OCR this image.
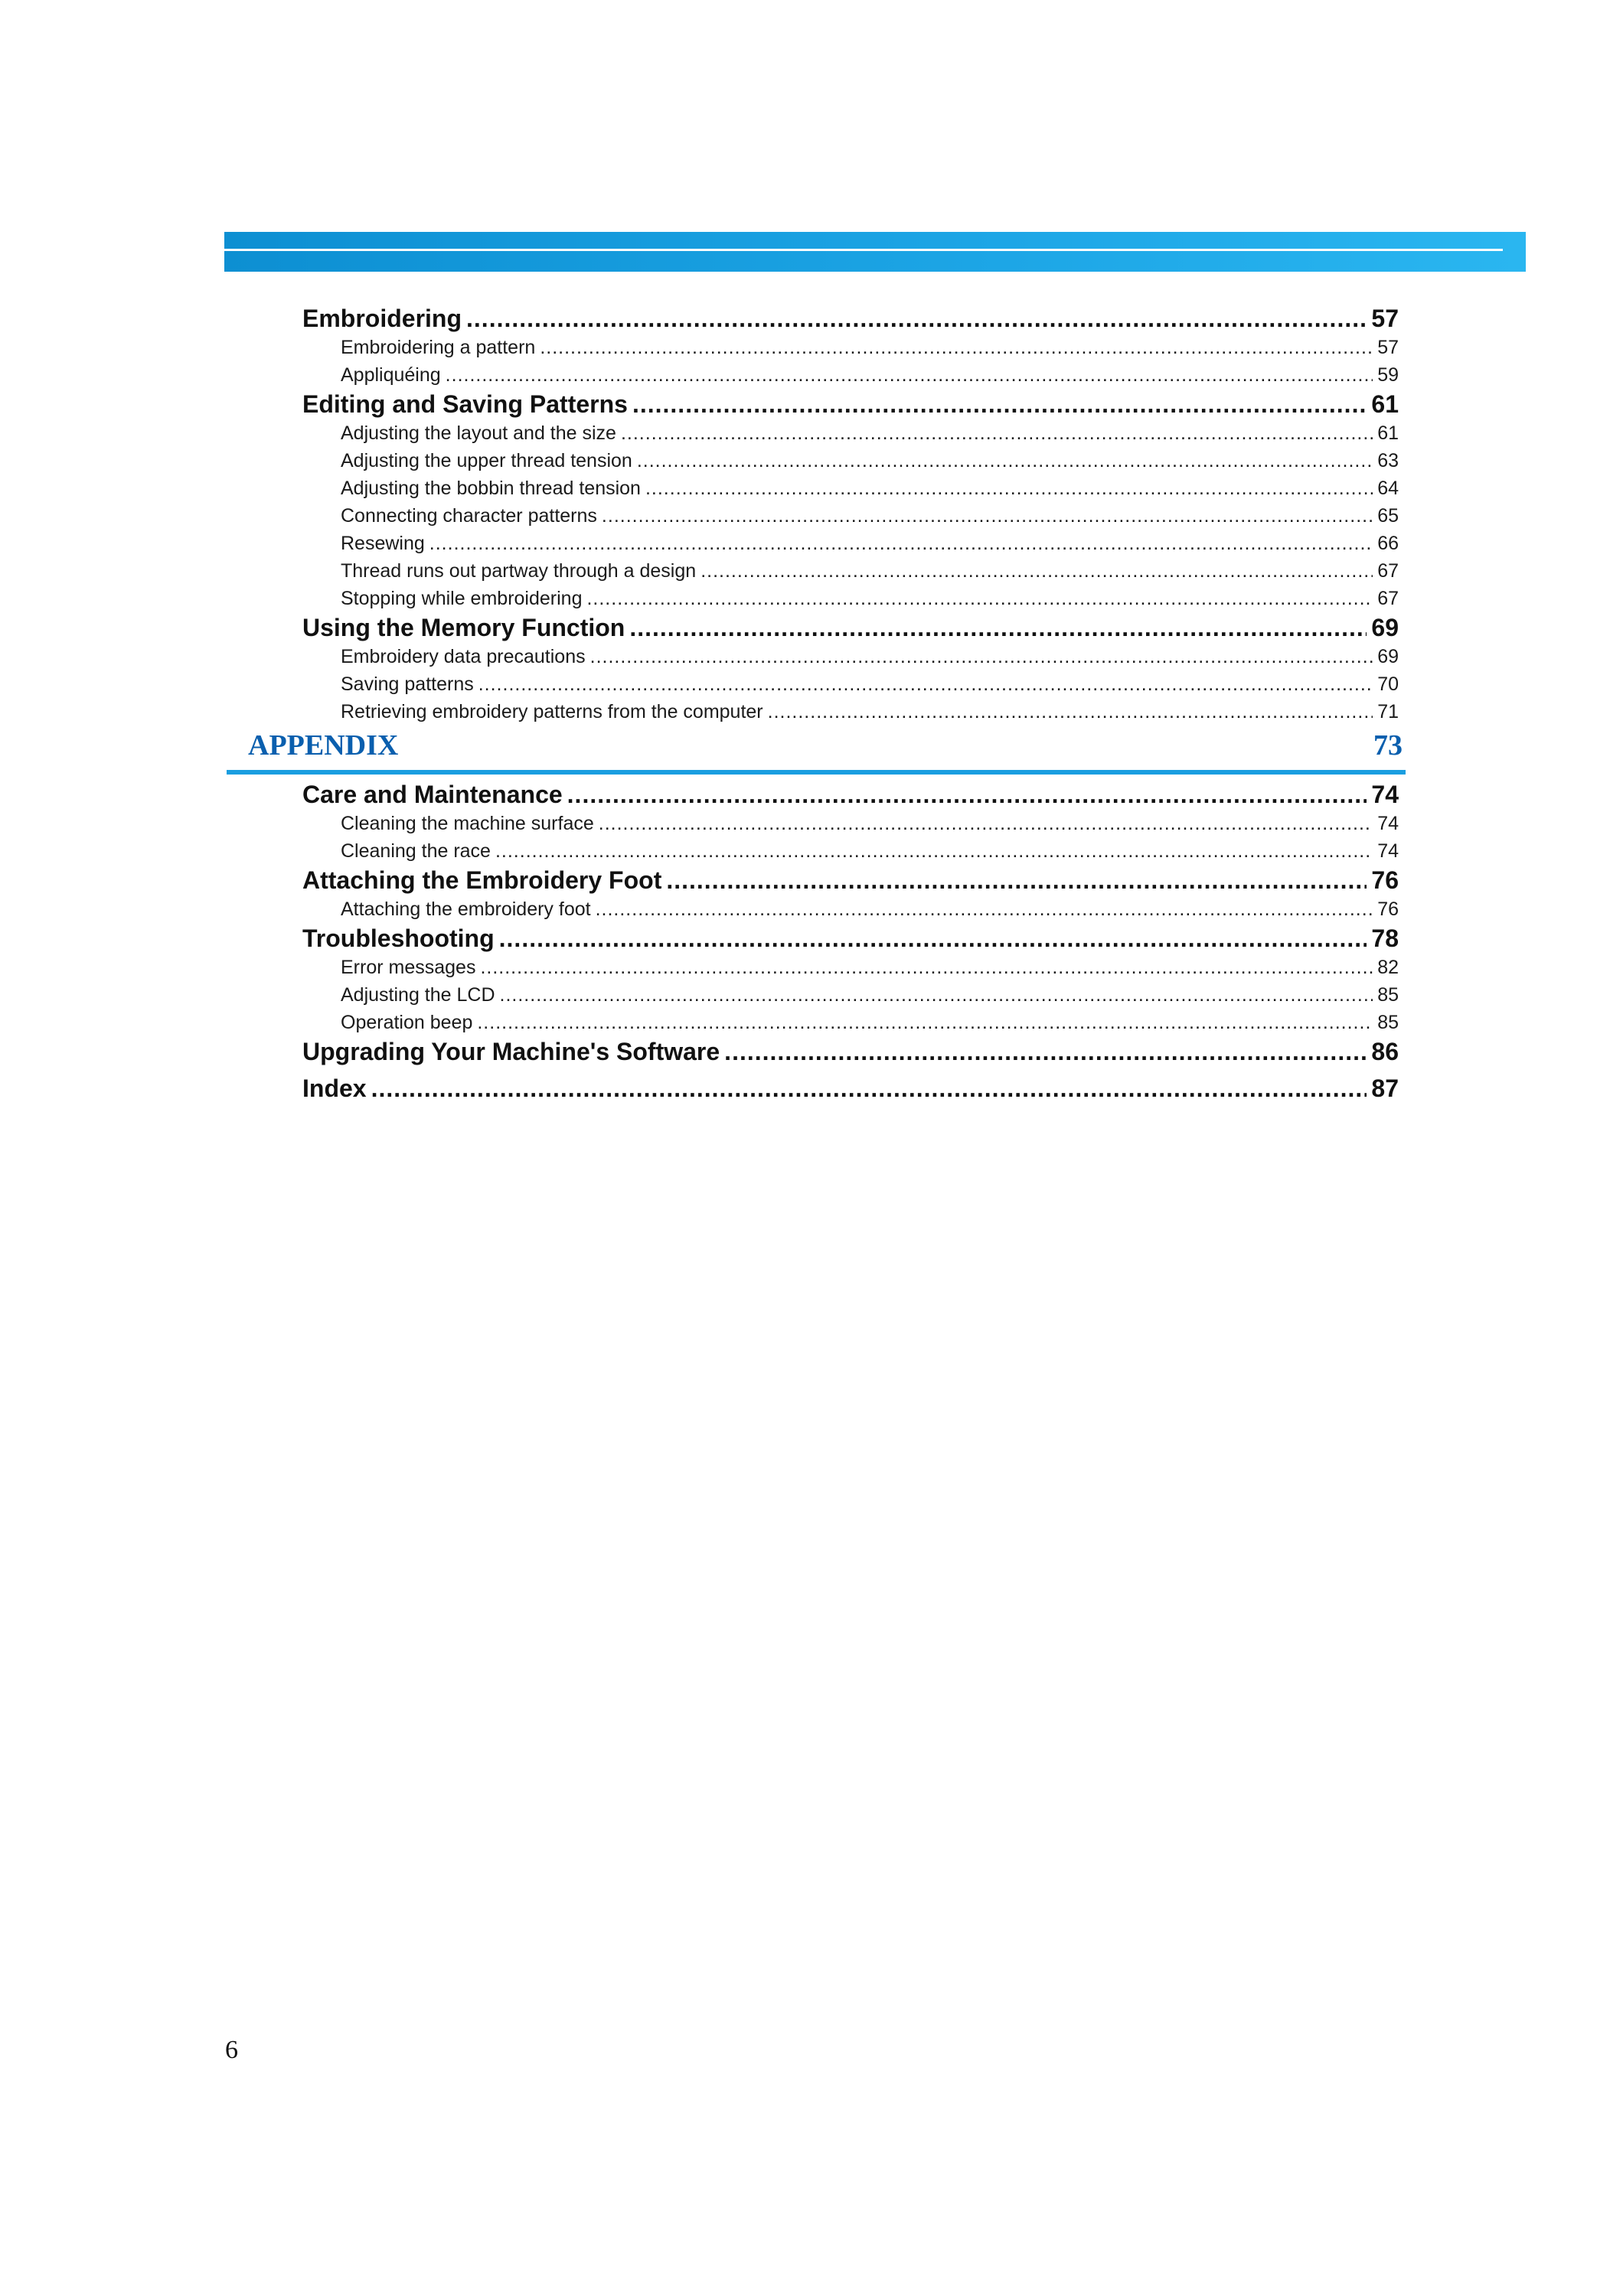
Embroidering .....	57
Embroidering a pattern .....	57
Appliquéing .....	59
Editing and Saving Patterns .....	61
Adjusting the layout and the size .....	61
Adjusting the upper thread tension .....	63
Adjusting the bobbin thread tension .....	64
Connecting character patterns .....	65
Resewing .....	66
Thread runs out partway through a design .....	67
Stopping while embroidering .....	67
Using the Memory Function .....	69
Embroidery data precautions .....	69
Saving patterns .....	70
Retrieving embroidery patterns from the computer .....	71
APPENDIX	73
Care and Maintenance .....	74
Cleaning the machine surface .....	74
Cleaning the race .....	74
Attaching the Embroidery Foot .....	76
Attaching the embroidery foot .....	76
Troubleshooting .....	78
Error messages .....	82
Adjusting the LCD .....	85
Operation beep .....	85
Upgrading Your Machine's Software .....	86
Index .....	87
6
